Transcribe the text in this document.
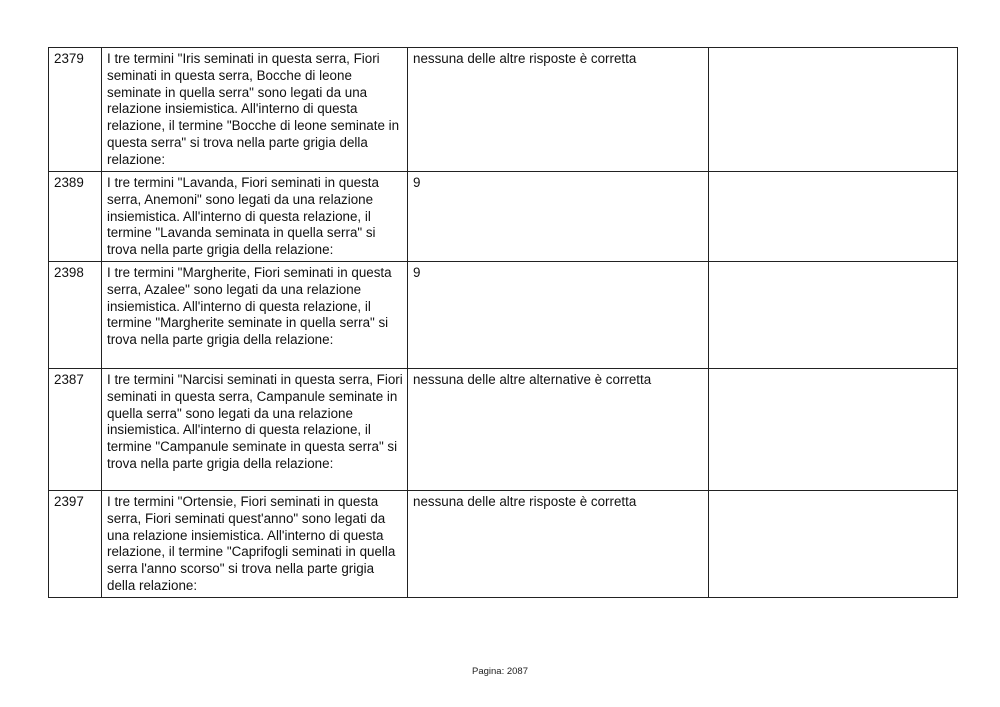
2379	I tre termini "Iris seminati in questa serra, Fiori seminati in questa serra, Bocche di leone seminate in quella serra" sono legati da una relazione insiemistica. All'interno di questa relazione, il termine "Bocche di leone seminate in questa serra" si trova nella parte grigia della relazione:	nessuna delle altre risposte è corretta	
2389	I tre termini "Lavanda, Fiori seminati in questa serra, Anemoni" sono legati da una relazione insiemistica. All'interno di questa relazione, il termine "Lavanda seminata in quella serra" si trova nella parte grigia della relazione:	9	
2398	I tre termini "Margherite, Fiori seminati in questa serra, Azalee" sono legati da una relazione insiemistica. All'interno di questa relazione, il termine "Margherite seminate in quella serra" si trova nella parte grigia della relazione:	9	
2387	I tre termini "Narcisi seminati in questa serra, Fiori seminati in questa serra, Campanule seminate in quella serra" sono legati da una relazione insiemistica. All'interno di questa relazione, il termine "Campanule seminate in questa serra" si trova nella parte grigia della relazione:	nessuna delle altre alternative è corretta	
2397	I tre termini "Ortensie, Fiori seminati in questa serra, Fiori seminati quest'anno" sono legati da una relazione insiemistica. All'interno di questa relazione, il termine "Caprifogli seminati in quella serra l'anno scorso" si trova nella parte grigia della relazione:	nessuna delle altre risposte è corretta	
Pagina: 2087
